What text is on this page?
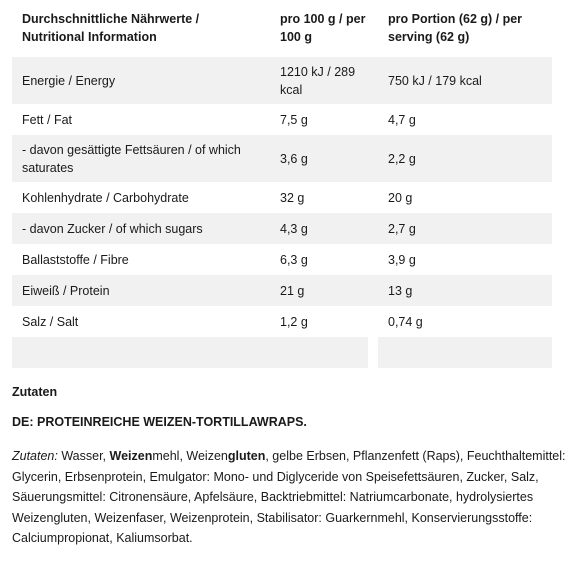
Durchschnittliche Nährwerte / Nutritional Information	pro 100 g / per 100 g	pro Portion (62 g) / per serving (62 g)
Energie / Energy	1210 kJ / 289 kcal	750 kJ / 179 kcal
Fett / Fat	7,5 g	4,7 g
- davon gesättigte Fettsäuren / of which saturates	3,6 g	2,2 g
Kohlenhydrate / Carbohydrate	32 g	20 g
- davon Zucker / of which sugars	4,3 g	2,7 g
Ballaststoffe / Fibre	6,3 g	3,9 g
Eiweiß / Protein	21 g	13 g
Salz / Salt	1,2 g	0,74 g

Zutaten
DE: PROTEINREICHE WEIZEN-TORTILLAWRAPS.
Zutaten: Wasser, Weizenmehl, Weizengluten, gelbe Erbsen, Pflanzenfett (Raps), Feuchthaltemittel: Glycerin, Erbsenprotein, Emulgator: Mono- und Diglyceride von Speisefettsäuren, Zucker, Salz, Säuerungsmittel: Citronensäure, Apfelsäure, Backtriebmittel: Natriumcarbonate, hydrolysiertes Weizengluten, Weizenfaser, Weizenprotein, Stabilisator: Guarkernmehl, Konservierungsstoffe: Calciumpropionat, Kaliumsorbat.
